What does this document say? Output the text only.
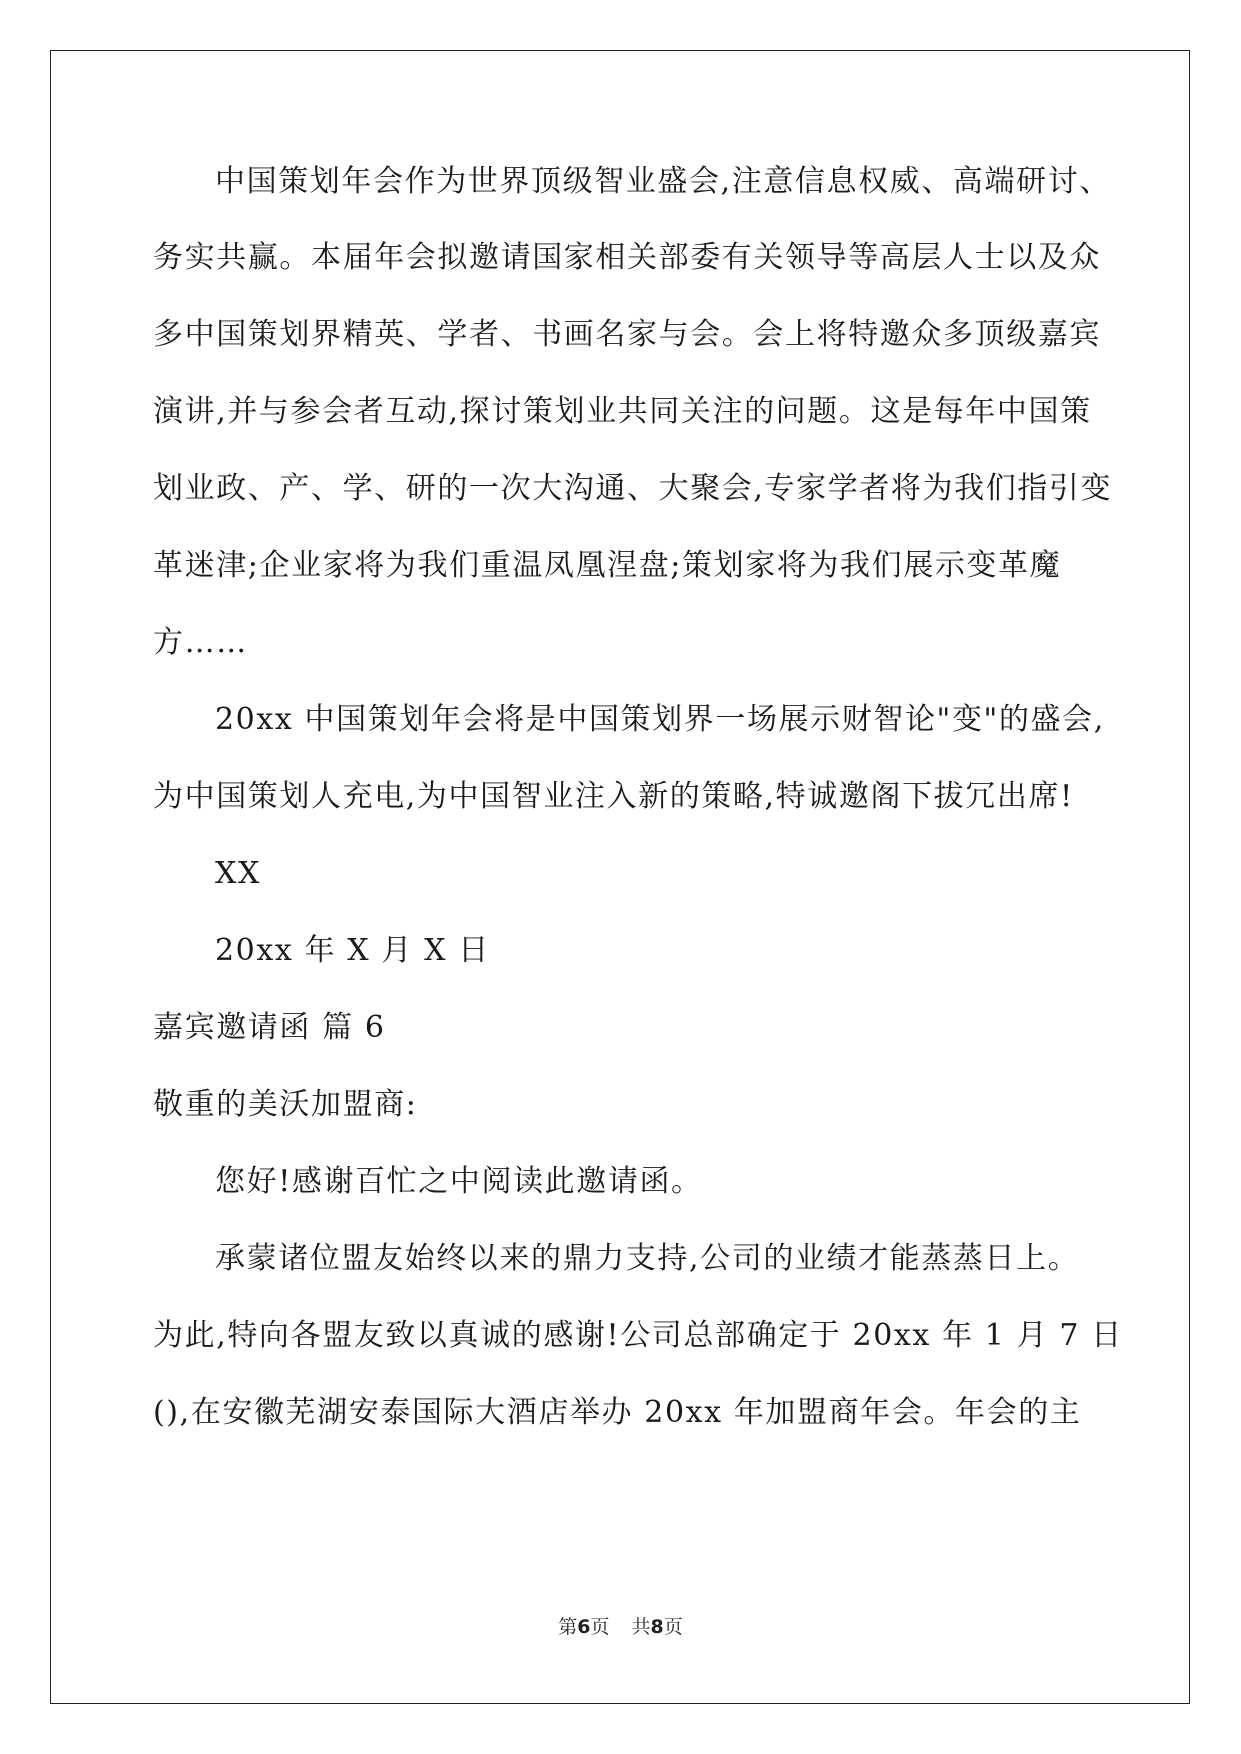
中国策划年会作为世界顶级智业盛会,注意信息权威、高端研讨、
务实共赢。本届年会拟邀请国家相关部委有关领导等高层人士以及众
多中国策划界精英、学者、书画名家与会。会上将特邀众多顶级嘉宾
演讲,并与参会者互动,探讨策划业共同关注的问题。这是每年中国策
划业政、产、学、研的一次大沟通、大聚会,专家学者将为我们指引变
革迷津;企业家将为我们重温凤凰涅盘;策划家将为我们展示变革魔
方……
20xx 中国策划年会将是中国策划界一场展示财智论"变"的盛会,
为中国策划人充电,为中国智业注入新的策略,特诚邀阁下拔冗出席!
XX
20xx 年 X 月 X 日
嘉宾邀请函 篇 6
敬重的美沃加盟商:
您好!感谢百忙之中阅读此邀请函。
承蒙诸位盟友始终以来的鼎力支持,公司的业绩才能蒸蒸日上。
为此,特向各盟友致以真诚的感谢!公司总部确定于 20xx 年 1 月 7 日
(),在安徽芜湖安泰国际大酒店举办 20xx 年加盟商年会。年会的主
第6页 共8页
